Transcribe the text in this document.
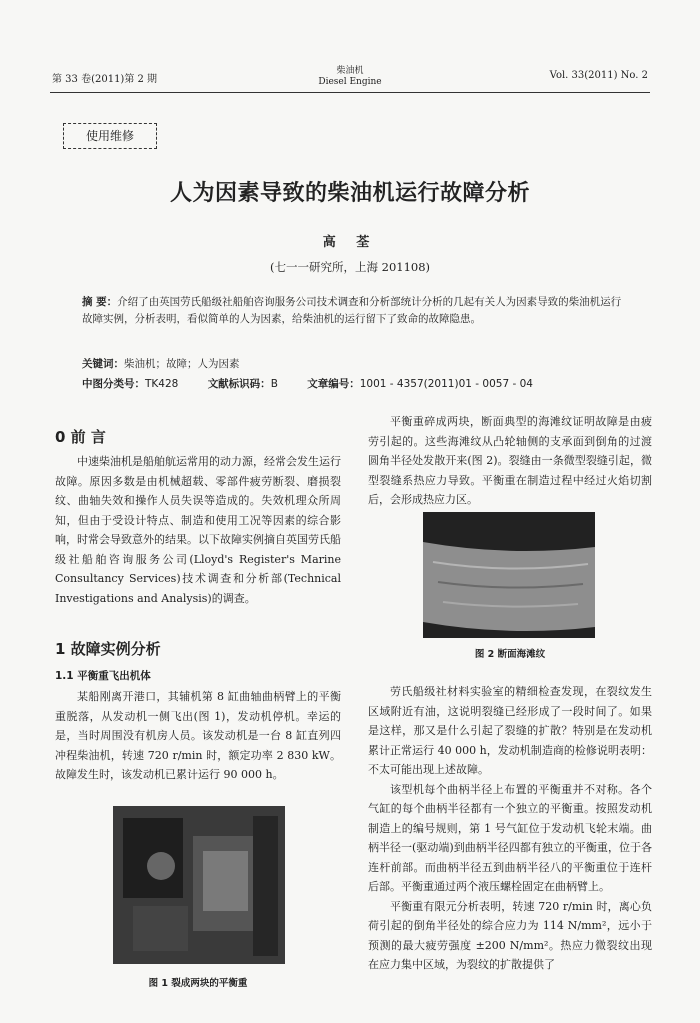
第 33 卷(2011)第 2 期
柴油机
Diesel Engine
Vol. 33(2011) No. 2
使用维修
人为因素导致的柴油机运行故障分析
高 荃
(七一一研究所，上海 201108)
摘 要：介绍了由英国劳氏船级社船舶咨询服务公司技术调查和分析部统计分析的几起有关人为因素导致的柴油机运行故障实例，分析表明，看似简单的人为因素，给柴油机的运行留下了致命的故障隐患。
关键词：柴油机；故障；人为因素
中图分类号：TK428	文献标识码：B	文章编号：1001 - 4357(2011)01 - 0057 - 04
0 前 言

中速柴油机是船舶航运常用的动力源，经常会发生运行故障。原因多数是由机械超载、零部件疲劳断裂、磨损裂纹、曲轴失效和操作人员失误等造成的。失效机理众所周知，但由于受设计特点、制造和使用工况等因素的综合影响，时常会导致意外的结果。以下故障实例摘自英国劳氏船级社船舶咨询服务公司(Lloyd's Register's Marine Consultancy Services)技术调查和分析部(Technical Investigations and Analysis)的调查。

1 故障实例分析
1.1 平衡重飞出机体

某船刚离开港口，其辅机第 8 缸曲轴曲柄臂上的平衡重脱落，从发动机一侧飞出(图 1)，发动机停机。幸运的是，当时周围没有机房人员。该发动机是一台 8 缸直列四冲程柴油机，转速 720 r/min 时，额定功率 2 830 kW。故障发生时，该发动机已累计运行 90 000 h。

图 1 裂成两块的平衡重

平衡重碎成两块，断面典型的海滩纹证明故障是由疲劳引起的。这些海滩纹从凸轮轴侧的支承面到倒角的过渡圆角半径处发散开来(图 2)。裂缝由一条微型裂缝引起，微型裂缝系热应力导致。平衡重在制造过程中经过火焰切割后，会形成热应力区。

图 2 断面海滩纹

劳氏船级社材料实验室的精细检查发现，在裂纹发生区域附近有油，这说明裂缝已经形成了一段时间了。如果是这样，那又是什么引起了裂缝的扩散？特别是在发动机累计正常运行 40 000 h，发动机制造商的检修说明表明：不太可能出现上述故障。

该型机每个曲柄半径上布置的平衡重并不对称。各个气缸的每个曲柄半径都有一个独立的平衡重。按照发动机制造上的编号规则，第 1 号气缸位于发动机飞轮末端。曲柄半径一(驱动端)到曲柄半径四都有独立的平衡重，位于各连杆前部。而曲柄半径五到曲柄半径八的平衡重位于连杆后部。平衡重通过两个液压螺栓固定在曲柄臂上。

平衡重有限元分析表明，转速 720 r/min 时，离心负荷引起的倒角半径处的综合应力为 114 N/mm²，远小于预测的最大疲劳强度 ±200 N/mm²。热应力微裂纹出现在应力集中区域，为裂纹的扩散提供了
